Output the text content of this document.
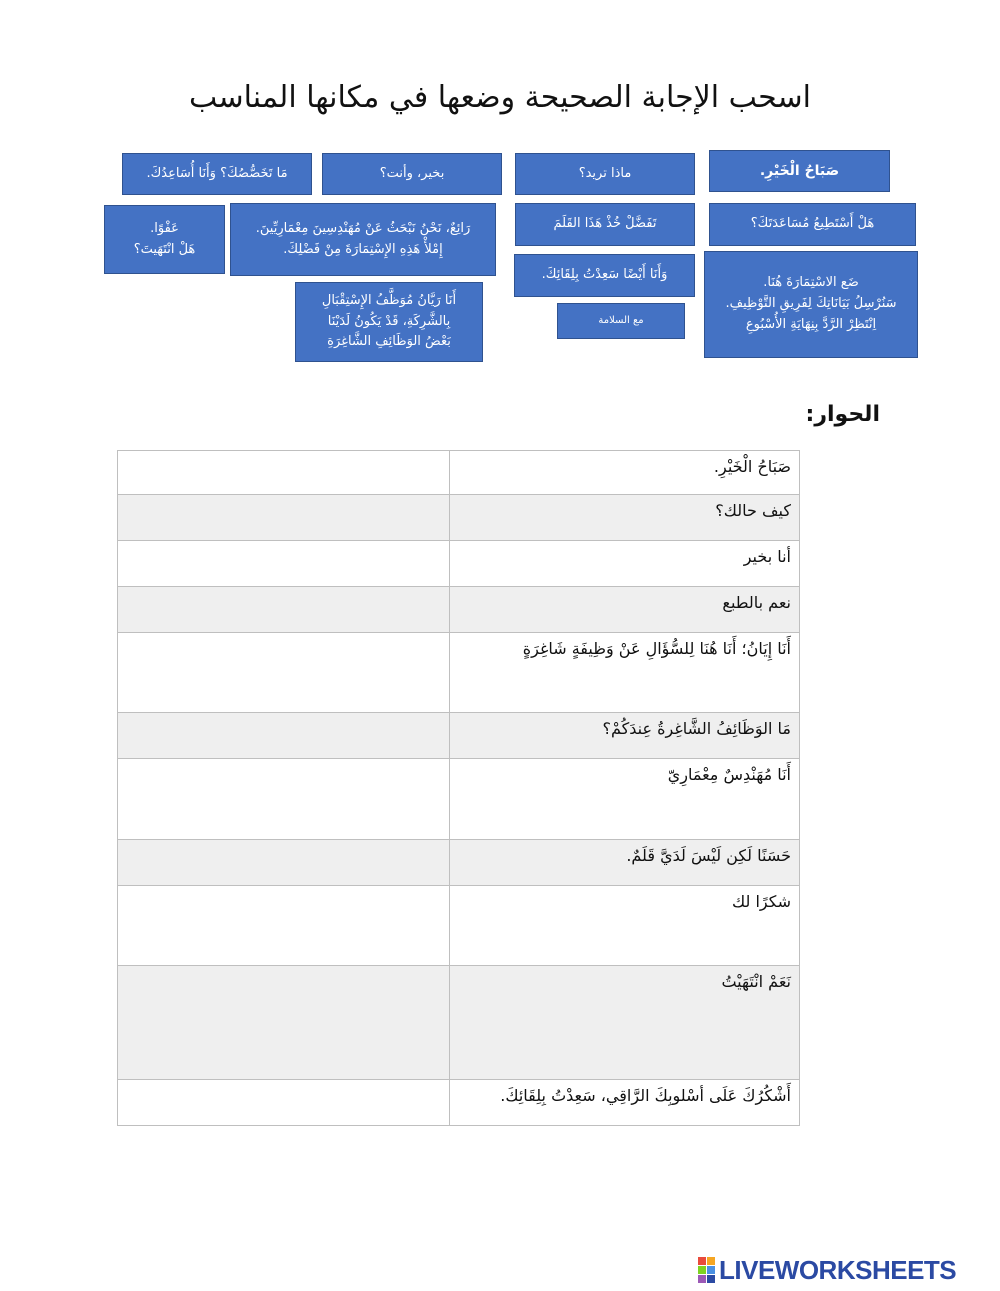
اسحب الإجابة الصحيحة وضعها في مكانها المناسب
صَبَاحُ الْخَيْرِ.
ماذا تريد؟
بخير، وأنت؟
مَا تَخَصُّصُكَ؟ وَأَنَا أُسَاعِدُكَ.
هَلْ أَسْتَطِيعُ مُسَاعَدَتَكَ؟
تَفَضَّلْ خُذْ هَذَا القَلَمَ
رَائِعٌ، نَحْنُ نَبْحَثُ عَنْ مُهَنْدِسِينَ مِعْمَارِيِّينَ.
إِمْلأْ هَذِهِ الإِسْتِمَارَةَ مِنْ فَضْلِكَ.
عَفْوًا.
هَلْ انْتَهَيتَ؟
وَأَنَا أَيْضًا سَعِدْتُ بِلِقَائِكَ.
ضَع الاسْتِمَارَةَ هُنَا.
سَنُرْسِلُ بَيَانَاتِكَ لِفَرِيقِ التَّوْظِيفِ.
اِنْتَظِرْ الرَّدَّ بِنِهَايَةِ الأُسْبُوعِ
مع السلامة
أَنَا رَيَّانُ مُوَظَّفُ الإِسْتِقْبَالِ
بِالشَّرِكَةِ، قَدْ يَكُونُ لَدَيْنَا
بَعْضُ الوَظَائِفِ الشَّاغِرَةِ
الحوار:
	صَبَاحُ الْخَيْرِ.
	كيف حالك؟
	أنا بخير
	نعم بالطبع
	أَنَا إِيَانُ؛ أَنَا هُنَا لِلسُّؤَالِ عَنْ وَظِيفَةٍ شَاغِرَةٍ
	مَا الوَظَائِفُ الشَّاغِرةُ عِندَكُمْ؟
	أَنَا مُهَنْدِسٌ مِعْمَارِيّ
	حَسَنًا لَكِن لَيْسَ لَدَيَّ قَلَمٌ.
	شكرًا لك
	نَعَمْ انْتَهَيْتُ
	أَشْكُرُكَ عَلَى أسْلوبِكَ الرَّاقِي، سَعِدْتُ بِلِقَائِكَ.
LIVEWORKSHEETS
